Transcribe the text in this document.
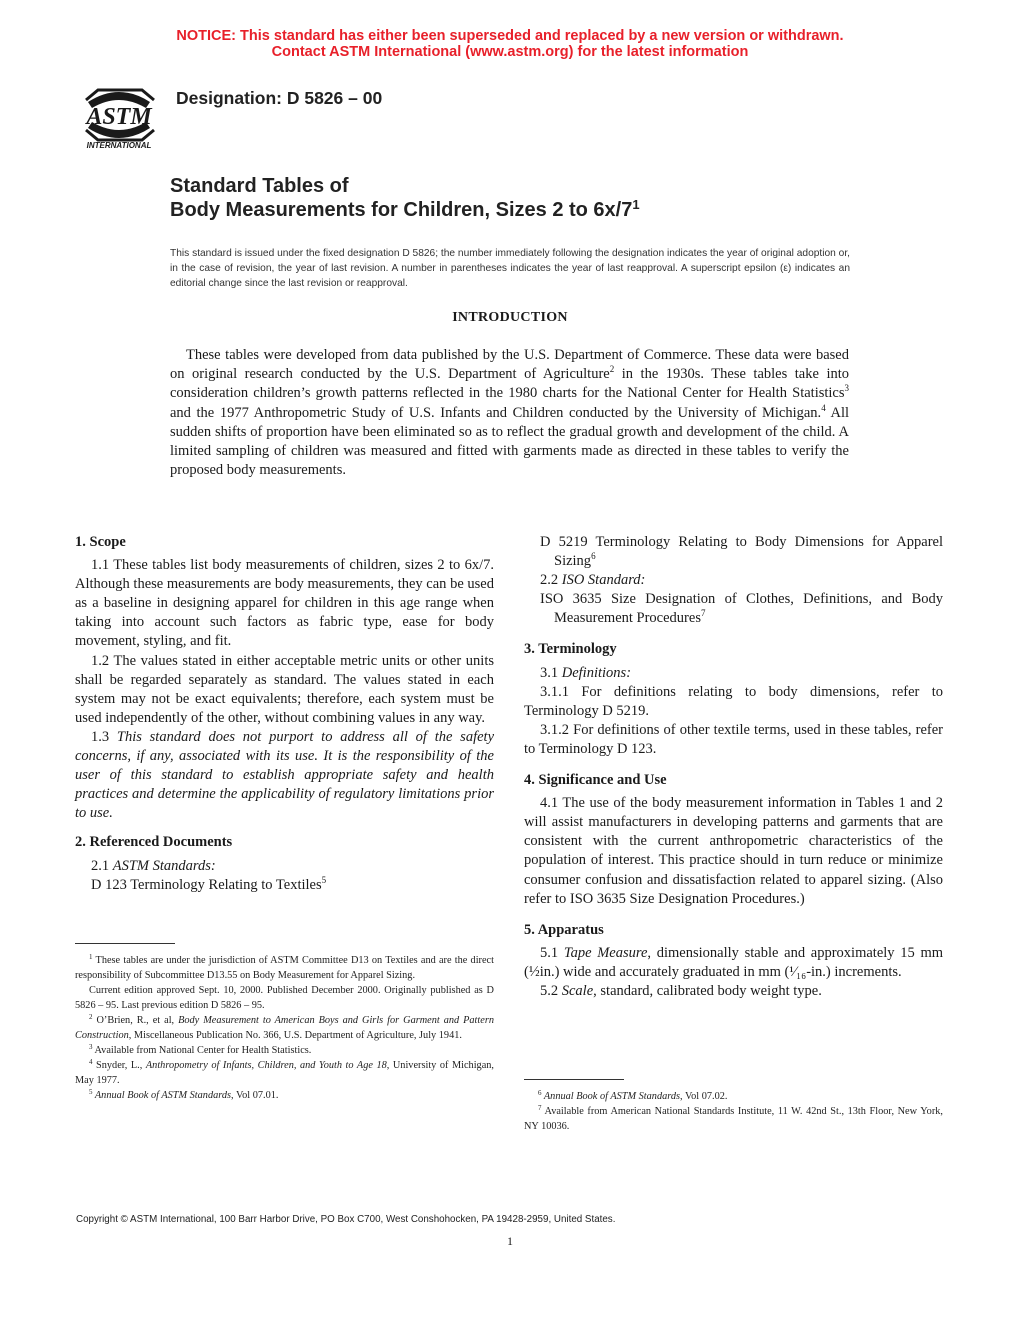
NOTICE: This standard has either been superseded and replaced by a new version or withdrawn.
Contact ASTM International (www.astm.org) for the latest information
ASTM
INTERNATIONAL
Designation: D 5826 – 00
Standard Tables of
Body Measurements for Children, Sizes 2 to $6x/7^1$
This standard is issued under the fixed designation D 5826; the number immediately following the designation indicates the year of original adoption or, in the case of revision, the year of last revision. A number in parentheses indicates the year of last reapproval. A superscript epsilon (ε) indicates an editorial change since the last revision or reapproval.
INTRODUCTION

These tables were developed from data published by the U.S. Department of Commerce. These data were based on original research conducted by the U.S. Department of Agriculture$^2$ in the 1930s. These tables take into consideration children’s growth patterns reflected in the 1980 charts for the National Center for Health Statistics$^3$ and the 1977 Anthropometric Study of U.S. Infants and Children conducted by the University of Michigan.$^4$ All sudden shifts of proportion have been eliminated so as to reflect the gradual growth and development of the child. A limited sampling of children was measured and fitted with garments made as directed in these tables to verify the proposed body measurements.

1. Scope

1.1 These tables list body measurements of children, sizes 2 to 6x/7. Although these measurements are body measurements, they can be used as a baseline in designing apparel for children in this age range when taking into account such factors as fabric type, ease for body movement, styling, and fit.

1.2 The values stated in either acceptable metric units or other units shall be regarded separately as standard. The values stated in each system may not be exact equivalents; therefore, each system must be used independently of the other, without combining values in any way.

1.3 This standard does not purport to address all of the safety concerns, if any, associated with its use. It is the responsibility of the user of this standard to establish appropriate safety and health practices and determine the applicability of regulatory limitations prior to use.

2. Referenced Documents

2.1 ASTM Standards:

D 123 Terminology Relating to Textiles$^5$

$^1$ These tables are under the jurisdiction of ASTM Committee D13 on Textiles and are the direct responsibility of Subcommittee D13.55 on Body Measurement for Apparel Sizing.

Current edition approved Sept. 10, 2000. Published December 2000. Originally published as D 5826 – 95. Last previous edition D 5826 – 95.

$^2$ O’Brien, R., et al, Body Measurement to American Boys and Girls for Garment and Pattern Construction, Miscellaneous Publication No. 366, U.S. Department of Agriculture, July 1941.

$^3$ Available from National Center for Health Statistics.

$^4$ Snyder, L., Anthropometry of Infants, Children, and Youth to Age 18, University of Michigan, May 1977.

$^5$ Annual Book of ASTM Standards, Vol 07.01.

D 5219 Terminology Relating to Body Dimensions for Apparel Sizing$^6$

2.2 ISO Standard:

ISO 3635 Size Designation of Clothes, Definitions, and Body Measurement Procedures$^7$

3. Terminology

3.1 Definitions:

3.1.1 For definitions relating to body dimensions, refer to Terminology D 5219.

3.1.2 For definitions of other textile terms, used in these tables, refer to Terminology D 123.

4. Significance and Use

4.1 The use of the body measurement information in Tables 1 and 2 will assist manufacturers in developing patterns and garments that are consistent with the current anthropometric characteristics of the population of interest. This practice should in turn reduce or minimize consumer confusion and dissatisfaction related to apparel sizing. (Also refer to ISO 3635 Size Designation Procedures.)

5. Apparatus

5.1 Tape Measure, dimensionally stable and approximately 15 mm (½in.) wide and accurately graduated in mm (¹⁄₁₆-in.) increments.

5.2 Scale, standard, calibrated body weight type.

$^6$ Annual Book of ASTM Standards, Vol 07.02.

$^7$ Available from American National Standards Institute, 11 W. 42nd St., 13th Floor, New York, NY 10036.

Copyright © ASTM International, 100 Barr Harbor Drive, PO Box C700, West Conshohocken, PA 19428-2959, United States.
1
